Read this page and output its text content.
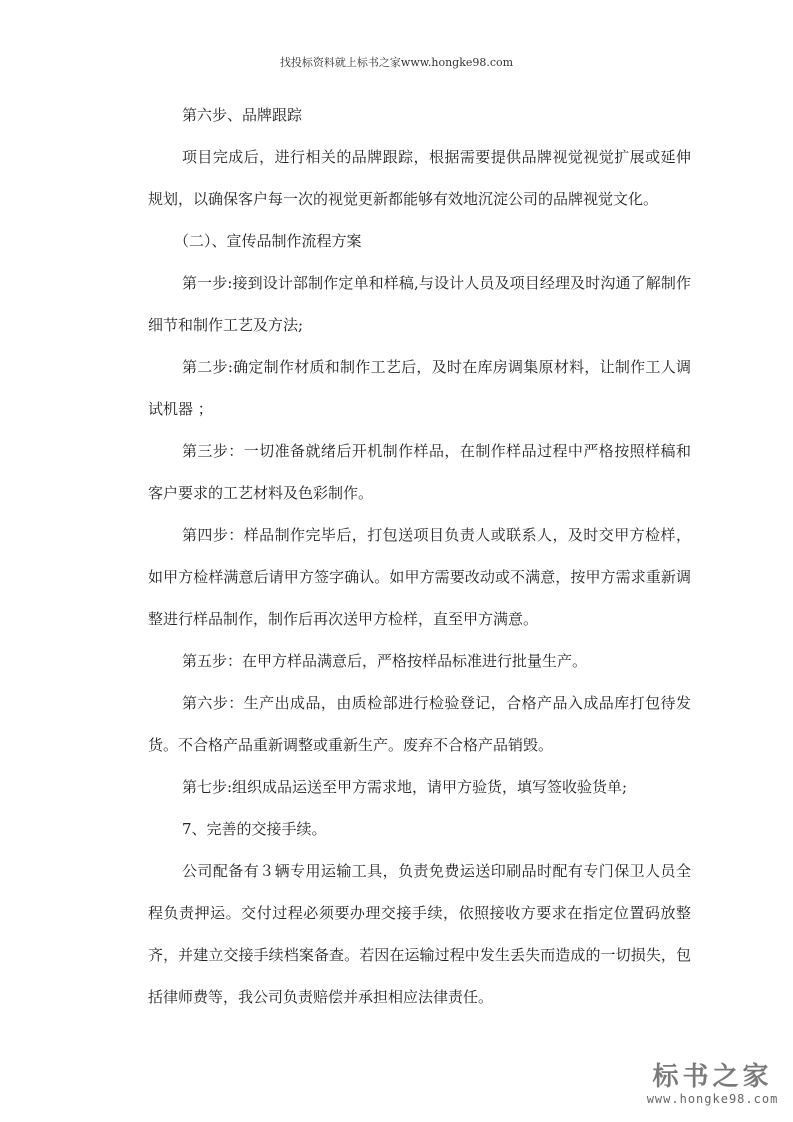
找投标资料就上标书之家www.hongke98.com

第六步、品牌跟踪

项目完成后，进行相关的品牌跟踪，根据需要提供品牌视觉视觉扩展或延伸规划，以确保客户每一次的视觉更新都能够有效地沉淀公司的品牌视觉文化。

（二）、宣传品制作流程方案

第一步:接到设计部制作定单和样稿,与设计人员及项目经理及时沟通了解制作细节和制作工艺及方法;

第二步:确定制作材质和制作工艺后，及时在库房调集原材料，让制作工人调试机器 ；

第三步：一切准备就绪后开机制作样品，在制作样品过程中严格按照样稿和客户要求的工艺材料及色彩制作。

第四步：样品制作完毕后，打包送项目负责人或联系人，及时交甲方检样，如甲方检样满意后请甲方签字确认。如甲方需要改动或不满意，按甲方需求重新调整进行样品制作，制作后再次送甲方检样，直至甲方满意。

第五步：在甲方样品满意后，严格按样品标准进行批量生产。

第六步：生产出成品，由质检部进行检验登记，合格产品入成品库打包待发货。不合格产品重新调整或重新生产。废弃不合格产品销毁。

第七步:组织成品运送至甲方需求地，请甲方验货，填写签收验货单;

7、完善的交接手续。

公司配备有３辆专用运输工具，负责免费运送印刷品时配有专门保卫人员全程负责押运。交付过程必须要办理交接手续，依照接收方要求在指定位置码放整齐，并建立交接手续档案备查。若因在运输过程中发生丢失而造成的一切损失，包括律师费等，我公司负责赔偿并承担相应法律责任。

标书之家
www.hongke98.com
